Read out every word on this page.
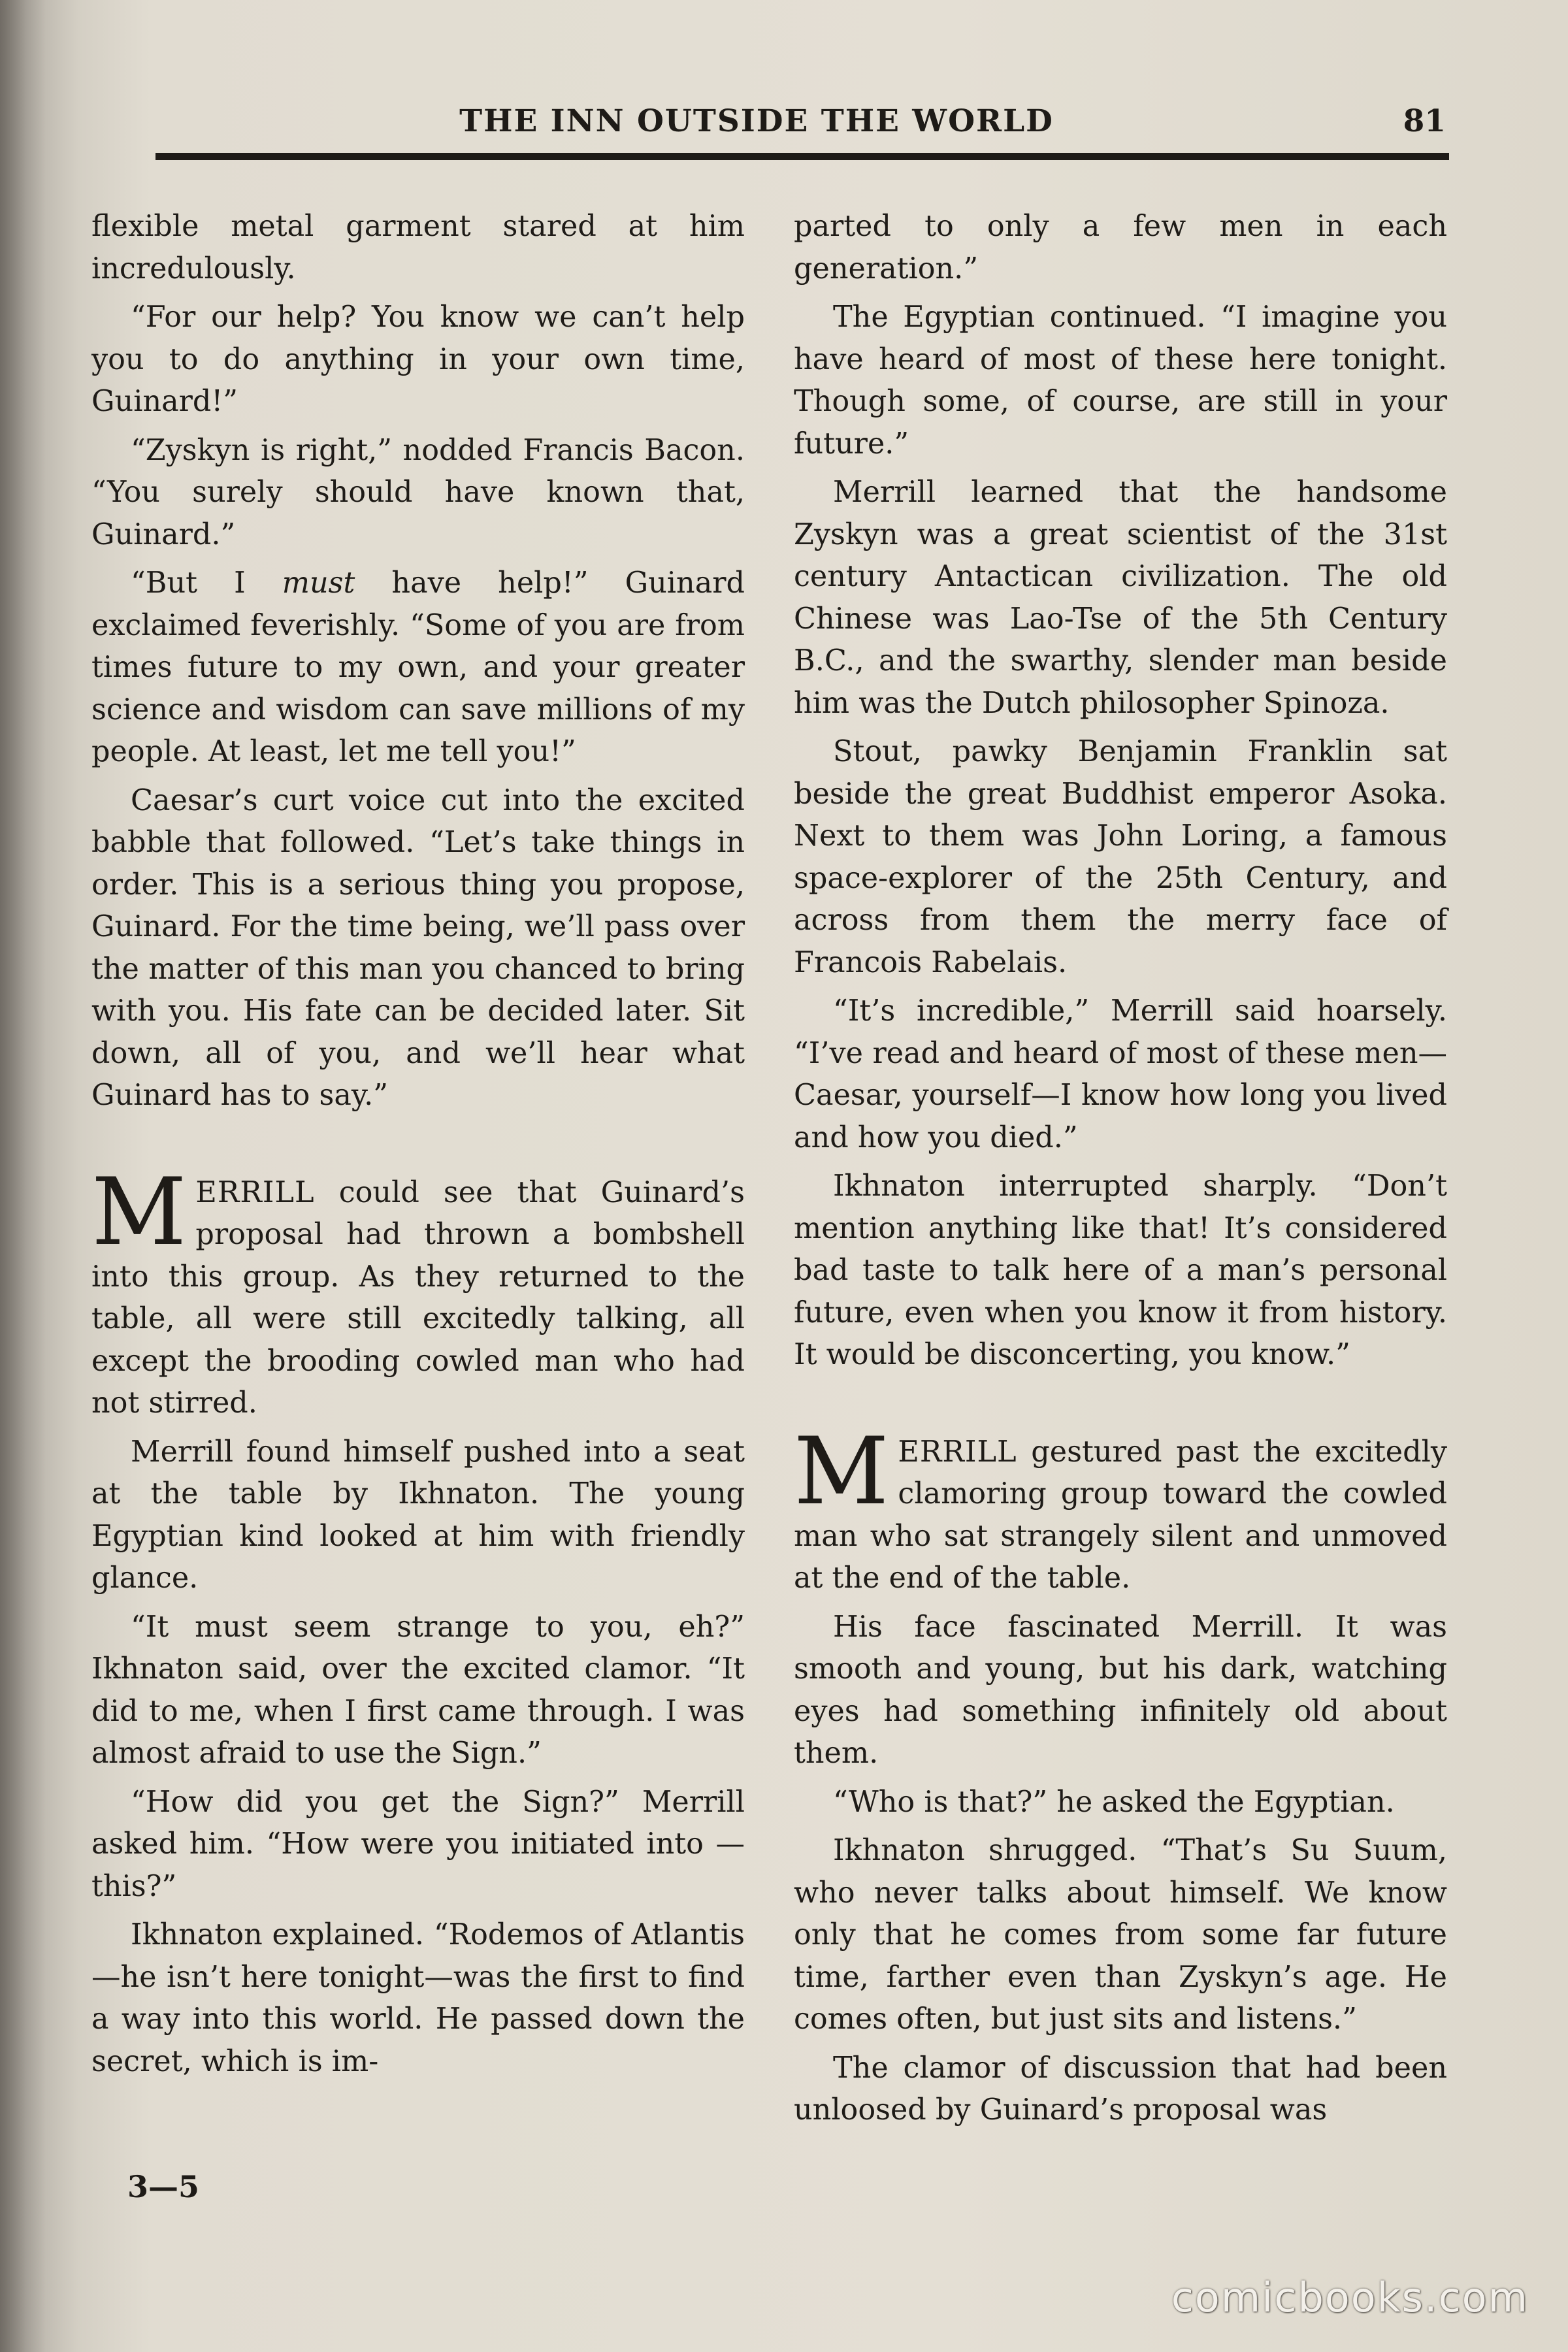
THE INN OUTSIDE THE WORLD	81

flexible metal garment stared at him incredulously.

“For our help? You know we can’t help you to do anything in your own time, Guinard!”

“Zyskyn is right,” nodded Francis Bacon. “You surely should have known that, Guinard.”

“But I must have help!” Guinard exclaimed feverishly. “Some of you are from times future to my own, and your greater science and wisdom can save millions of my people. At least, let me tell you!”

Caesar’s curt voice cut into the excited babble that followed. “Let’s take things in order. This is a serious thing you propose, Guinard. For the time being, we’ll pass over the matter of this man you chanced to bring with you. His fate can be decided later. Sit down, all of you, and we’ll hear what Guinard has to say.”

MERRILL could see that Guinard’s proposal had thrown a bombshell into this group. As they returned to the table, all were still excitedly talking, all except the brooding cowled man who had not stirred.

Merrill found himself pushed into a seat at the table by Ikhnaton. The young Egyptian kind looked at him with friendly glance.

“It must seem strange to you, eh?” Ikhnaton said, over the excited clamor. “It did to me, when I first came through. I was almost afraid to use the Sign.”

“How did you get the Sign?” Merrill asked him. “How were you initiated into —this?”

Ikhnaton explained. “Rodemos of Atlantis—he isn’t here tonight—was the first to find a way into this world. He passed down the secret, which is im-

parted to only a few men in each generation.”

The Egyptian continued. “I imagine you have heard of most of these here tonight. Though some, of course, are still in your future.”

Merrill learned that the handsome Zyskyn was a great scientist of the 31st century Antactican civilization. The old Chinese was Lao-Tse of the 5th Century B.C., and the swarthy, slender man beside him was the Dutch philosopher Spinoza.

Stout, pawky Benjamin Franklin sat beside the great Buddhist emperor Asoka. Next to them was John Loring, a famous space-explorer of the 25th Century, and across from them the merry face of Francois Rabelais.

“It’s incredible,” Merrill said hoarsely. “I’ve read and heard of most of these men—Caesar, yourself—I know how long you lived and how you died.”

Ikhnaton interrupted sharply. “Don’t mention anything like that! It’s considered bad taste to talk here of a man’s personal future, even when you know it from history. It would be disconcerting, you know.”

MERRILL gestured past the excitedly clamoring group toward the cowled man who sat strangely silent and unmoved at the end of the table.

His face fascinated Merrill. It was smooth and young, but his dark, watching eyes had something infinitely old about them.

“Who is that?” he asked the Egyptian.

Ikhnaton shrugged. “That’s Su Suum, who never talks about himself. We know only that he comes from some far future time, farther even than Zyskyn’s age. He comes often, but just sits and listens.”

The clamor of discussion that had been unloosed by Guinard’s proposal was

3—5
comicbooks.com
